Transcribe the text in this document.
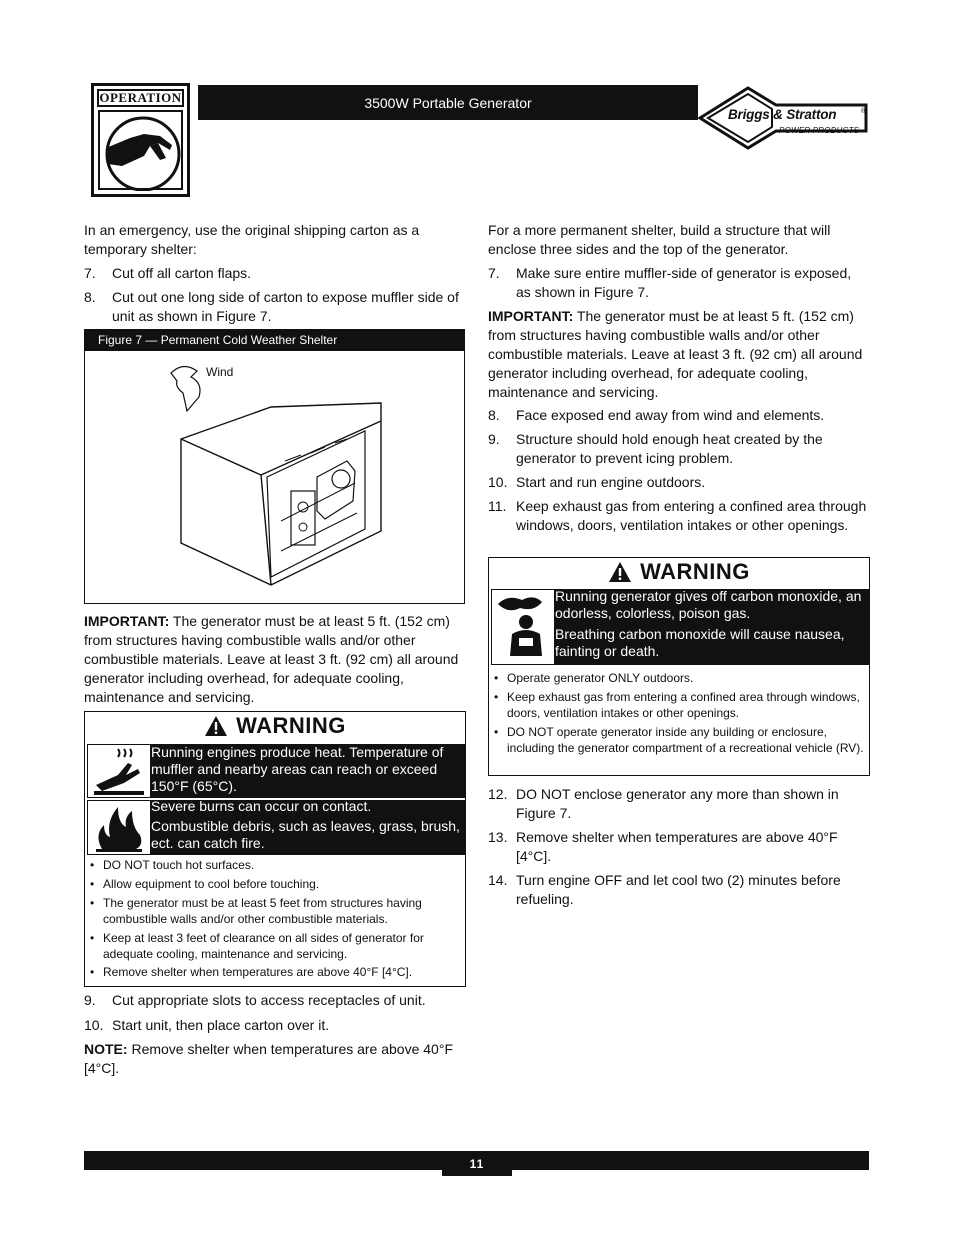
OPERATION	3500W Portable Generator
Briggs & Stratton	®
POWER PRODUCTS
In an emergency, use the original shipping carton as a temporary shelter:
7. Cut off all carton flaps.
8. Cut out one long side of carton to expose muffler side of unit as shown in Figure 7.
Figure 7 — Permanent Cold Weather Shelter
Wind
IMPORTANT: The generator must be at least 5 ft. (152 cm) from structures having combustible walls and/or other combustible materials. Leave at least 3 ft. (92 cm) all around generator including overhead, for adequate cooling, maintenance and servicing.
WARNING
Running engines produce heat. Temperature of muffler and nearby areas can reach or exceed 150°F (65°C).
Severe burns can occur on contact.
Combustible debris, such as leaves, grass, brush, ect. can catch fire.
• DO NOT touch hot surfaces.
• Allow equipment to cool before touching.
• The generator must be at least 5 feet from structures having combustible walls and/or other combustible materials.
• Keep at least 3 feet of clearance on all sides of generator for adequate cooling, maintenance and servicing.
• Remove shelter when temperatures are above 40°F [4°C].
9. Cut appropriate slots to access receptacles of unit.
10. Start unit, then place carton over it.
NOTE: Remove shelter when temperatures are above 40°F [4°C].
For a more permanent shelter, build a structure that will enclose three sides and the top of the generator.
7. Make sure entire muffler-side of generator is exposed, as shown in Figure 7.
IMPORTANT: The generator must be at least 5 ft. (152 cm) from structures having combustible walls and/or other combustible materials. Leave at least 3 ft. (92 cm) all around generator including overhead, for adequate cooling, maintenance and servicing.
8. Face exposed end away from wind and elements.
9. Structure should hold enough heat created by the generator to prevent icing problem.
10. Start and run engine outdoors.
11. Keep exhaust gas from entering a confined area through windows, doors, ventilation intakes or other openings.
WARNING
Running generator gives off carbon monoxide, an odorless, colorless, poison gas.
Breathing carbon monoxide will cause nausea, fainting or death.
• Operate generator ONLY outdoors.
• Keep exhaust gas from entering a confined area through windows, doors, ventilation intakes or other openings.
• DO NOT operate generator inside any building or enclosure, including the generator compartment of a recreational vehicle (RV).
12. DO NOT enclose generator any more than shown in Figure 7.
13. Remove shelter when temperatures are above 40°F [4°C].
14. Turn engine OFF and let cool two (2) minutes before refueling.
11
